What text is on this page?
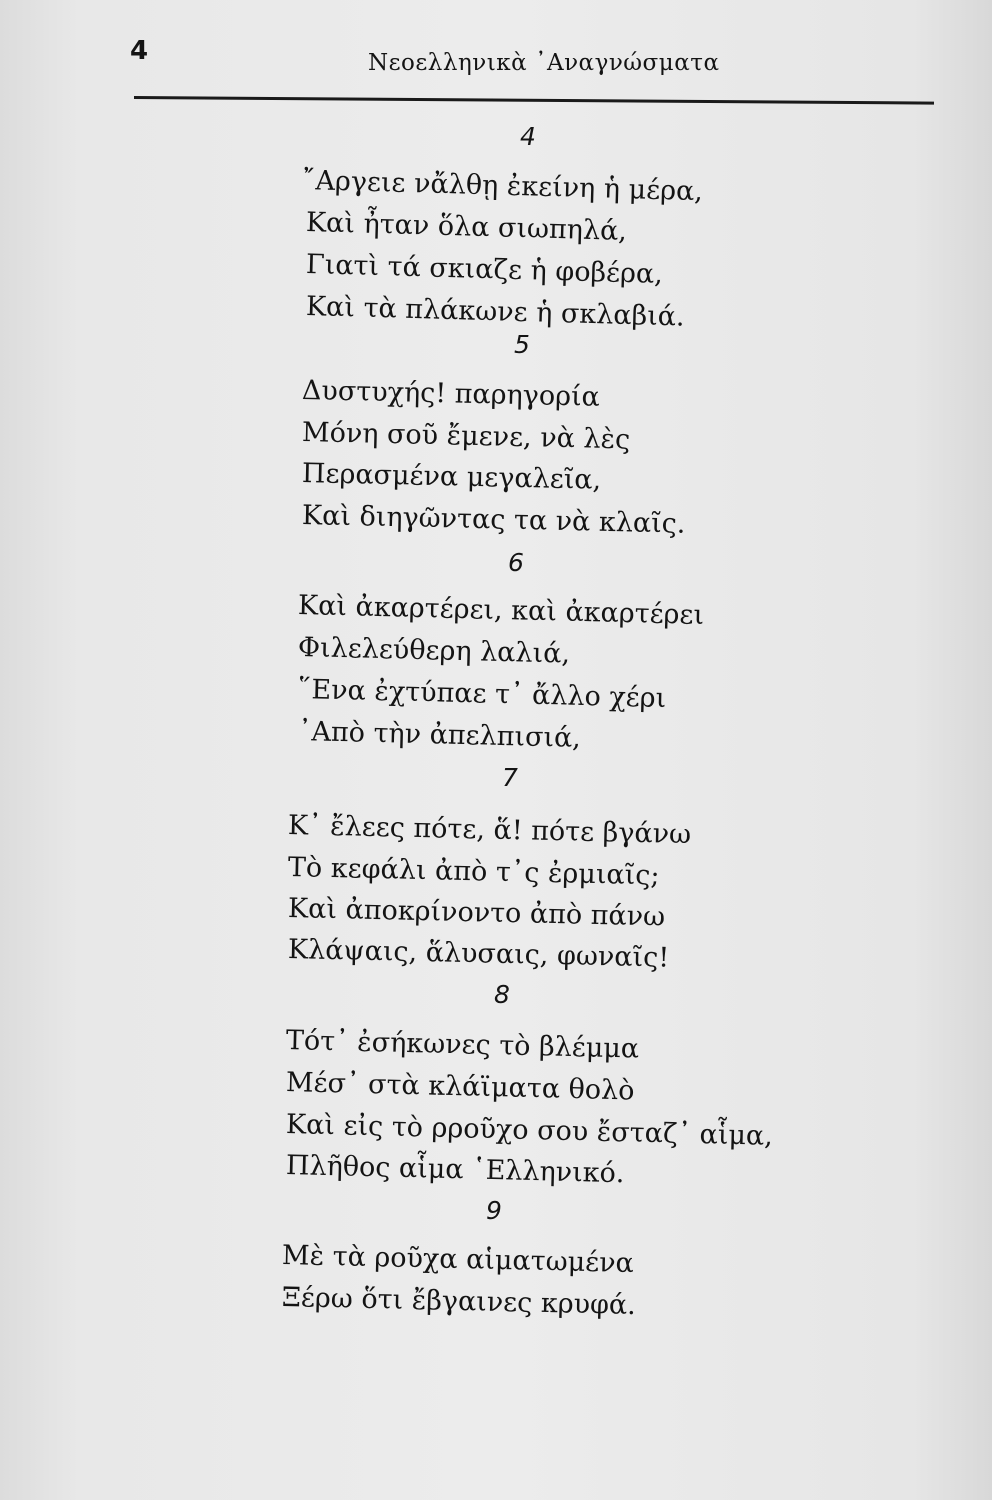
4	Νεοελληνικὰ ᾿Αναγνώσματα
4
῎Αργειε νἄλθῃ ἐκείνη ἡ μέρα,
Καὶ ἦταν ὅλα σιωπηλά,
Γιατὶ τά σκιαζε ἡ φοβέρα,
Καὶ τὰ πλάκωνε ἡ σκλαβιά.
5
Δυστυχής! παρηγορία
Μόνη σοῦ ἔμενε, νὰ λὲς
Περασμένα μεγαλεῖα,
Καὶ διηγῶντας τα νὰ κλαῖς.
6
Καὶ ἀκαρτέρει, καὶ ἀκαρτέρει
Φιλελεύθερη λαλιά,
῞Ενα ἐχτύπαε τ᾿ ἄλλο χέρι
᾿Απὸ τὴν ἀπελπισιά,
7
Κ᾿ ἔλεες πότε, ἅ! πότε βγάνω
Τὸ κεφάλι ἀπὸ τ᾿ς ἐρμιαῖς;
Καὶ ἀποκρίνοντο ἀπὸ πάνω
Κλάψαις, ἅλυσαις, φωναῖς!
8
Τότ᾿ ἐσήκωνες τὸ βλέμμα
Μέσ᾿ στὰ κλάϊματα θολὸ
Καὶ εἰς τὸ ρροῦχο σου ἔσταζ᾿ αἷμα,
Πλῆθος αἷμα ῾Ελληνικό.
9
Μὲ τὰ ροῦχα αἱματωμένα
Ξέρω ὅτι ἔβγαινες κρυφά.
